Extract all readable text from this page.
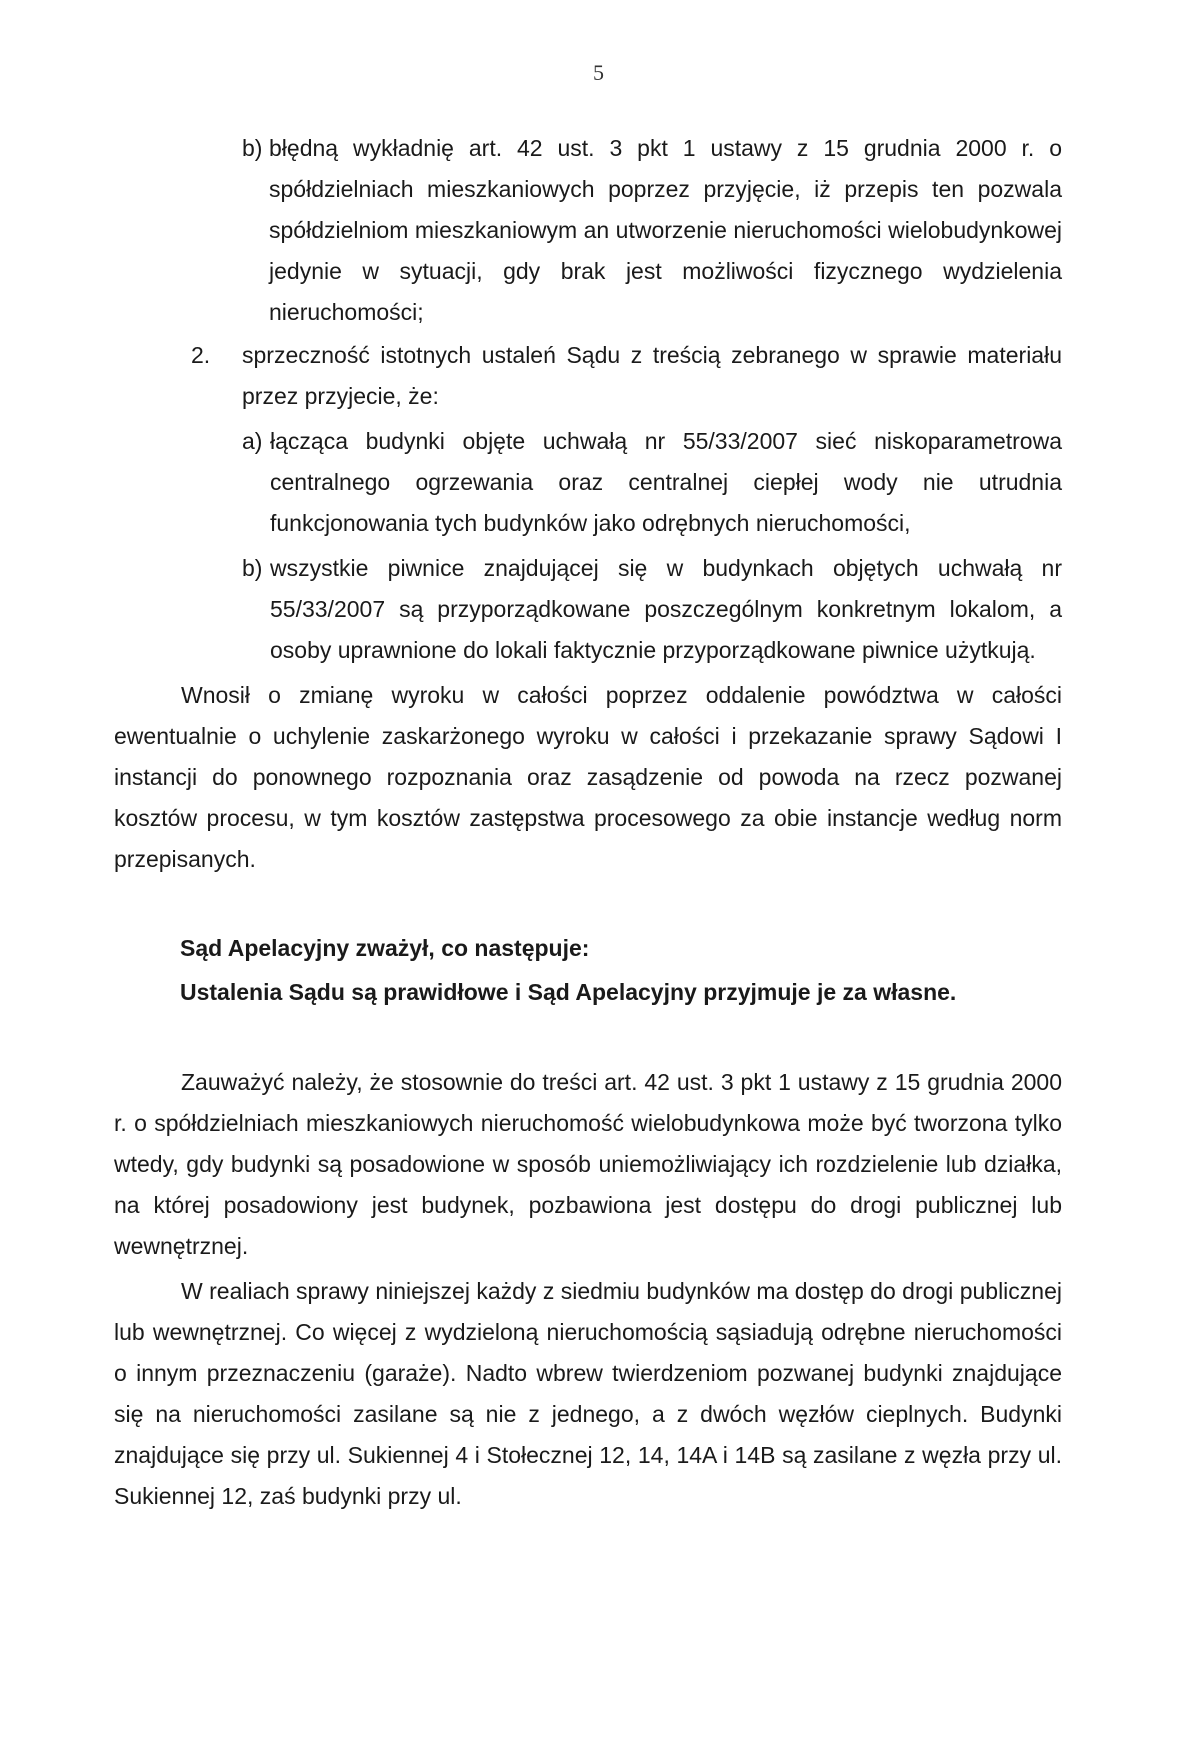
5
b) błędną wykładnię art. 42 ust. 3 pkt 1 ustawy z 15 grudnia 2000 r. o spółdzielniach mieszkaniowych poprzez przyjęcie, iż przepis ten pozwala spółdzielniom mieszkaniowym an utworzenie nieruchomości wielobudynkowej jedynie w sytuacji, gdy brak jest możliwości fizycznego wydzielenia nieruchomości;
2.	sprzeczność istotnych ustaleń Sądu z treścią zebranego w sprawie materiału przez przyjecie, że:
a) łącząca budynki objęte uchwałą nr 55/33/2007 sieć niskoparametrowa centralnego ogrzewania oraz centralnej ciepłej wody nie utrudnia funkcjonowania tych budynków jako odrębnych nieruchomości,
b) wszystkie piwnice znajdującej się w budynkach objętych uchwałą nr 55/33/2007 są przyporządkowane poszczególnym konkretnym lokalom, a osoby uprawnione do lokali faktycznie przyporządkowane piwnice użytkują.

Wnosił o zmianę wyroku w całości poprzez oddalenie powództwa w całości ewentualnie o uchylenie zaskarżonego wyroku w całości i przekazanie sprawy Sądowi I instancji do ponownego rozpoznania oraz zasądzenie od powoda na rzecz pozwanej kosztów procesu, w tym kosztów zastępstwa procesowego za obie instancje według norm przepisanych.

Sąd Apelacyjny zważył, co następuje:

Ustalenia Sądu są prawidłowe i Sąd Apelacyjny przyjmuje je za własne.

Zauważyć należy, że stosownie do treści art. 42 ust. 3 pkt 1 ustawy z 15 grudnia 2000 r. o spółdzielniach mieszkaniowych nieruchomość wielobudynkowa może być tworzona tylko wtedy, gdy budynki są posadowione w sposób uniemożliwiający ich rozdzielenie lub działka, na której posadowiony jest budynek, pozbawiona jest dostępu do drogi publicznej lub wewnętrznej.

W realiach sprawy niniejszej każdy z siedmiu budynków ma dostęp do drogi publicznej lub wewnętrznej. Co więcej z wydzieloną nieruchomością sąsiadują odrębne nieruchomości o innym przeznaczeniu (garaże). Nadto wbrew twierdzeniom pozwanej budynki znajdujące się na nieruchomości zasilane są nie z jednego, a z dwóch węzłów cieplnych. Budynki znajdujące się przy ul. Sukiennej 4 i Stołecznej 12, 14, 14A i 14B są zasilane z węzła przy ul. Sukiennej 12, zaś budynki przy ul.
